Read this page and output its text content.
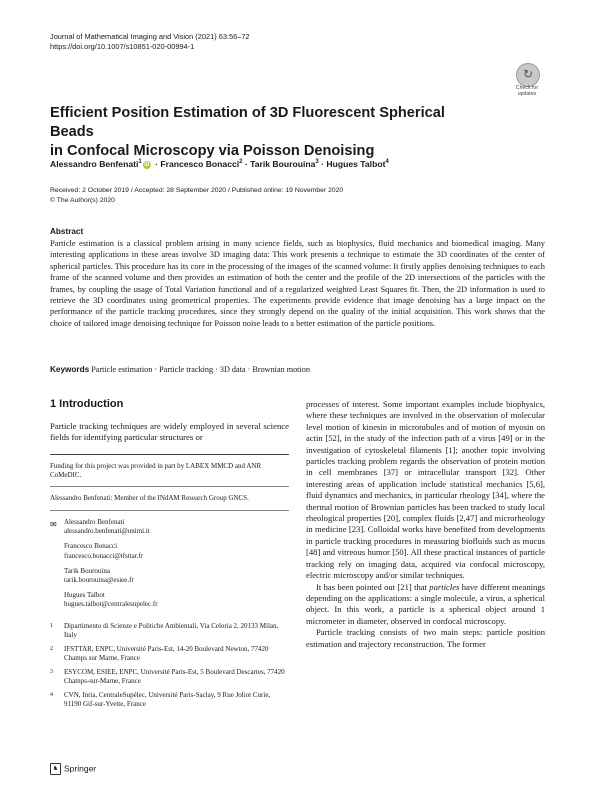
Journal of Mathematical Imaging and Vision (2021) 63:56–72
https://doi.org/10.1007/s10851-020-00994-1
↻
Check for
updates
Efficient Position Estimation of 3D Fluorescent Spherical Beads
in Confocal Microscopy via Poisson Denoising
Alessandro Benfenati$^1$ iD · Francesco Bonacci$^2$ · Tarik Bourouina$^3$ · Hugues Talbot$^4$
Received: 2 October 2019 / Accepted: 28 September 2020 / Published online: 19 November 2020
© The Author(s) 2020
Abstract
Particle estimation is a classical problem arising in many science fields, such as biophysics, fluid mechanics and biomedical imaging. Many interesting applications in these areas involve 3D imaging data: This work presents a technique to estimate the 3D coordinates of the center of spherical particles. This procedure has its core in the processing of the images of the scanned volume: It firstly applies denoising techniques to each frame of the scanned volume and then provides an estimation of both the center and the profile of the 2D intersections of the particles with the frames, by coupling the usage of Total Variation functional and of a regularized weighted Least Squares fit. Then, the 2D information is used to retrieve the 3D coordinates using geometrical properties. The experiments provide evidence that image denoising has a large impact on the performance of the particle tracking procedures, since they strongly depend on the quality of the initial acquisition. This work shows that the choice of tailored image denoising technique for Poisson noise leads to a better estimation of the particle positions.
Keywords Particle estimation · Particle tracking · 3D data · Brownian motion
1 Introduction
Particle tracking techniques are widely employed in several science fields for identifying particular structures or
Funding for this project was provided in part by LABEX MMCD and ANR CoMeDIC.
Alessandro Benfenati: Member of the INdAM Research Group GNCS.
✉ Alessandro Benfenati
alessandro.benfenati@unimi.it
Francesco Bonacci
francesco.bonacci@ifsttar.fr
Tarik Bourouina
tarik.bourouina@esiee.fr
Hugues Talbot
hugues.talbot@centralesupelec.fr
1 Dipartimento di Scienze e Politiche Ambientali, Via Celoria 2, 20133 Milan, Italy
2 IFSTTAR, ENPC, Université Paris-Est, 14-20 Boulevard Newton, 77420 Champs sur Marne, France
3 ESYCOM, ESIEE, ENPC, Université Paris-Est, 5 Boulevard Descartes, 77420 Champs-sur-Marne, France
4 CVN, Inria, CentraleSupélec, Université Paris-Saclay, 9 Rue Joliot Curie, 91190 Gif-sur-Yvette, France

processes of interest. Some important examples include biophysics, where these techniques are involved in the observation of molecular level motion of kinesin in microtubules and of motion of myosin on actin [52], in the study of the infection path of a virus [49] or in the investigation of cytoskeletal filaments [1]; another topic involving particles tracking problem regards the observation of protein motion in cell membranes [37] or intracellular transport [32]. Other interesting areas of application include statistical mechanics [5,6], fluid dynamics and mechanics, in particular rheology [34], where the thermal motion of Brownian particles has been tracked to study local rheological properties [20], complex fluids [2,47] and microrheology in medicine [23]. Colloidal works have benefited from developments in particle tracking procedures in measuring biofluids such as mucus [48] and vitreous humor [50]. All these practical instances of particle tracking rely on imaging data, acquired via confocal microscopy, electric microscopy and/or similar techniques.

It has been pointed out [21] that particles have different meanings depending on the applications: a single molecule, a virus, a spherical object. In this work, a particle is a spherical object around 1 micrometer in diameter, observed in confocal microscopy.

Particle tracking consists of two main steps: particle position estimation and trajectory reconstruction. The former

♞ Springer
